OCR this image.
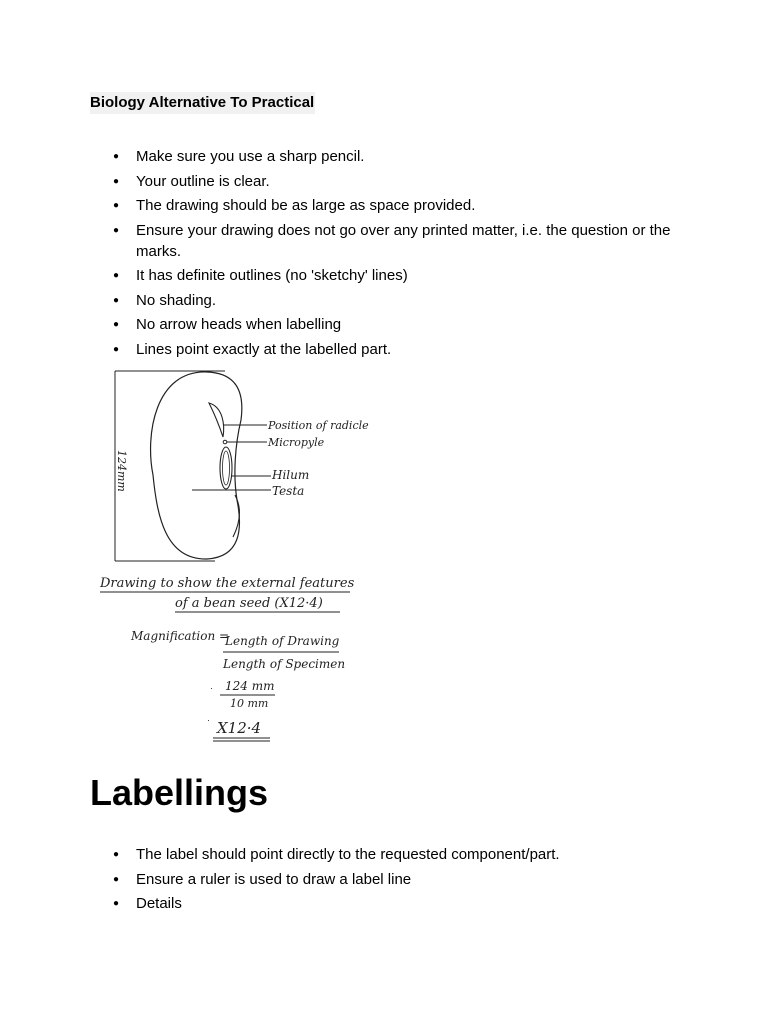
Biology Alternative To Practical
● Make sure you use a sharp pencil.
● Your outline is clear.
● The drawing should be as large as space provided.
● Ensure your drawing does not go over any printed matter, i.e. the question or the marks.
● It has definite outlines (no 'sketchy' lines)
● No shading.
● No arrow heads when labelling
● Lines point exactly at the labelled part.
124mm
Position of radicle
Micropyle
Hilum
Testa
Drawing to show the external features
of a bean seed (X12·4)
Magnification =
Length of Drawing
Length of Specimen
· 124 mm
10 mm
· X12·4
Labellings
● The label should point directly to the requested component/part.
● Ensure a ruler is used to draw a label line
● Details
